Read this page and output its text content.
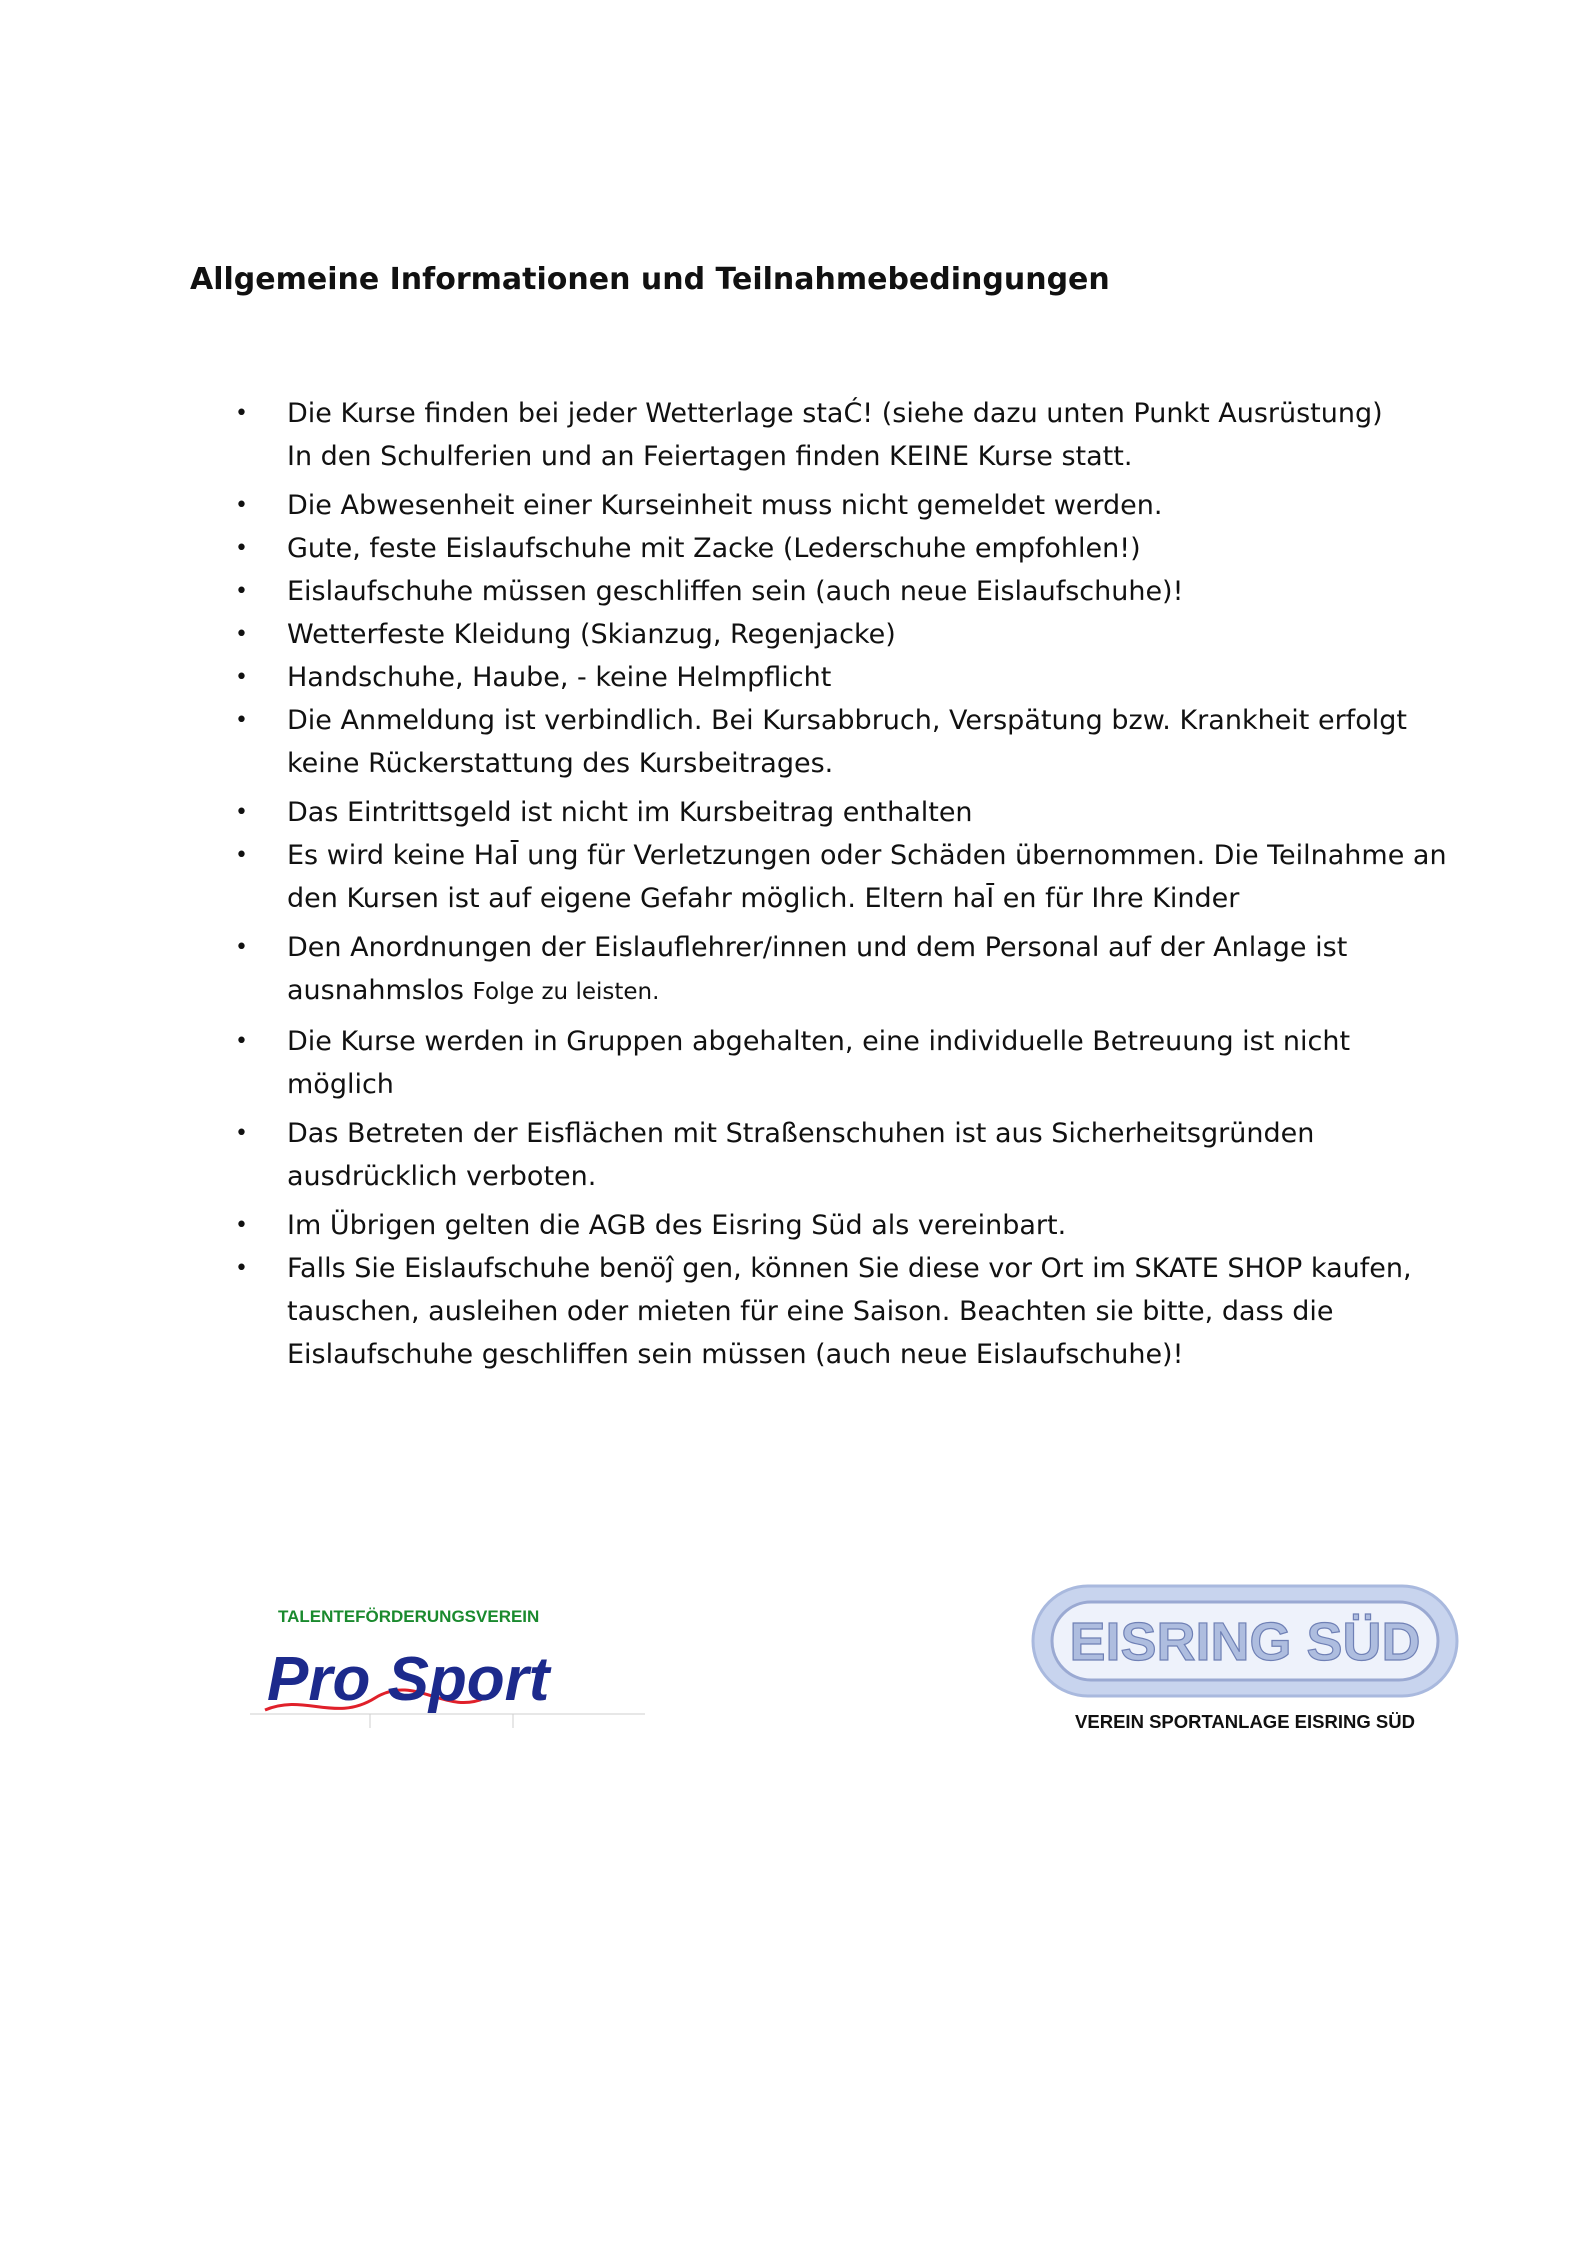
Allgemeine Informationen und Teilnahmebedingungen
• Die Kurse finden bei jeder Wetterlage staĆ! (siehe dazu unten Punkt Ausrüstung)
In den Schulferien und an Feiertagen finden KEINE Kurse statt.
• Die Abwesenheit einer Kurseinheit muss nicht gemeldet werden.
• Gute, feste Eislaufschuhe mit Zacke (Lederschuhe empfohlen!)
• Eislaufschuhe müssen geschliffen sein (auch neue Eislaufschuhe)!
• Wetterfeste Kleidung (Skianzug, Regenjacke)
• Handschuhe, Haube, - keine Helmpflicht
• Die Anmeldung ist verbindlich. Bei Kursabbruch, Verspätung bzw. Krankheit erfolgt
keine Rückerstattung des Kursbeitrages.
• Das Eintrittsgeld ist nicht im Kursbeitrag enthalten
• Es wird keine HaĪ ung für Verletzungen oder Schäden übernommen. Die Teilnahme an
den Kursen ist auf eigene Gefahr möglich. Eltern haĪ en für Ihre Kinder
• Den Anordnungen der Eislauflehrer/innen und dem Personal auf der Anlage ist
ausnahmslos Folge zu leisten.
• Die Kurse werden in Gruppen abgehalten, eine individuelle Betreuung ist nicht
möglich
• Das Betreten der Eisflächen mit Straßenschuhen ist aus Sicherheitsgründen
ausdrücklich verboten.
• Im Übrigen gelten die AGB des Eisring Süd als vereinbart.
• Falls Sie Eislaufschuhe benöĵ gen, können Sie diese vor Ort im SKATE SHOP kaufen,
tauschen, ausleihen oder mieten für eine Saison. Beachten sie bitte, dass die
Eislaufschuhe geschliffen sein müssen (auch neue Eislaufschuhe)!
TALENTEFÖRDERUNGSVEREIN
Pro Sport
EISRING SÜD
VEREIN SPORTANLAGE EISRING SÜD
